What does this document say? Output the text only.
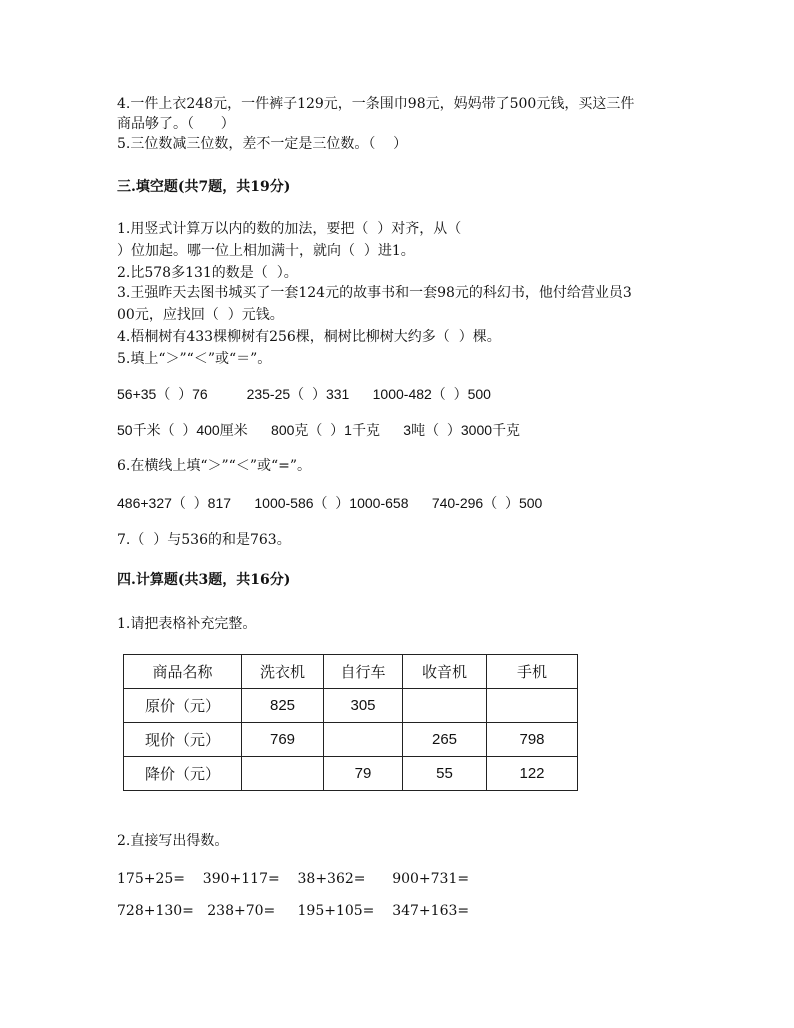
4.一件上衣248元，一件裤子129元，一条围巾98元，妈妈带了500元钱，买这三件
商品够了。（      ）
5.三位数减三位数，差不一定是三位数。（    ）
三.填空题(共7题，共19分)
1.用竖式计算万以内的数的加法，要把（  ）对齐，从（
）位加起。哪一位上相加满十，就向（  ）进1。
2.比578多131的数是（  ）。
3.王强昨天去图书城买了一套124元的故事书和一套98元的科幻书，他付给营业员3
00元，应找回（  ）元钱。
4.梧桐树有433棵柳树有256棵，桐树比柳树大约多（  ）棵。
5.填上“＞”“＜”或“＝”。
56+35（  ）76          235-25（  ）331      1000-482（  ）500
50千米（  ）400厘米      800克（  ）1千克      3吨（  ）3000千克
6.在横线上填“＞”“＜”或“=”。
486+327（  ）817      1000-586（  ）1000-658      740-296（  ）500
7.（  ）与536的和是763。
四.计算题(共3题，共16分)
1.请把表格补充完整。
商品名称	洗衣机	自行车	收音机	手机
原价（元）	825	305		
现价（元）	769		265	798
降价（元）		79	55	122
2.直接写出得数。
175+25=    390+117=    38+362=      900+731=
728+130=   238+70=     195+105=    347+163=
